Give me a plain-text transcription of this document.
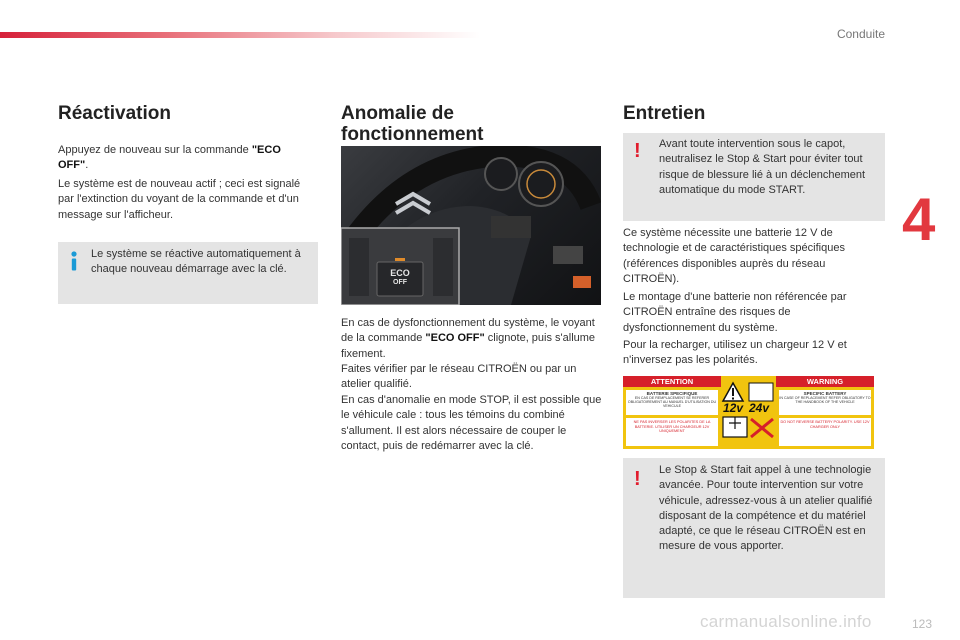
Conduite
4
Réactivation

Appuyez de nouveau sur la commande "ECO OFF".

Le système est de nouveau actif ; ceci est signalé par l'extinction du voyant de la commande et d'un message sur l'afficheur.

Le système se réactive automatiquement à chaque nouveau démarrage avec la clé.
Anomalie de
fonctionnement
ECO
OFF

En cas de dysfonctionnement du système, le voyant de la commande "ECO OFF" clignote, puis s'allume fixement.

Faites vérifier par le réseau CITROËN ou par un atelier qualifié.

En cas d'anomalie en mode STOP, il est possible que le véhicule cale : tous les témoins du combiné s'allument. Il est alors nécessaire de couper le contact, puis de redémarrer avec la clé.

Entretien
! Avant toute intervention sous le capot, neutralisez le Stop & Start pour éviter tout risque de blessure lié à un déclenchement automatique du mode START.

Ce système nécessite une batterie 12 V de technologie et de caractéristiques spécifiques (références disponibles auprès du réseau CITROËN).

Le montage d'une batterie non référencée par CITROËN entraîne des risques de dysfonctionnement du système.

Pour la recharger, utilisez un chargeur 12 V et n'inversez pas les polarités.

ATTENTION	WARNING
BATTERIE SPECIFIQUE
EN CAS DE REMPLACEMENT SE REFERER OBLIGATOIREMENT AU MANUEL D'UTILISATION DU VEHICULE
NE PAS INVERSER LES POLARITES DE LA BATTERIE. UTILISER UN CHARGEUR 12V UNIQUEMENT
SPECIFIC BATTERY
IN CASE OF REPLACEMENT REFER OBLIGATORY TO THE HANDBOOK OF THE VEHICLE
DO NOT REVERSE BATTERY POLARITY. USE 12V CHARGER ONLY
12v 24v
! Le Stop & Start fait appel à une technologie avancée. Pour toute intervention sur votre véhicule, adressez-vous à un atelier qualifié disposant de la compétence et du matériel adapté, ce que le réseau CITROËN est en mesure de vous apporter.
carmanualsonline.info	123
